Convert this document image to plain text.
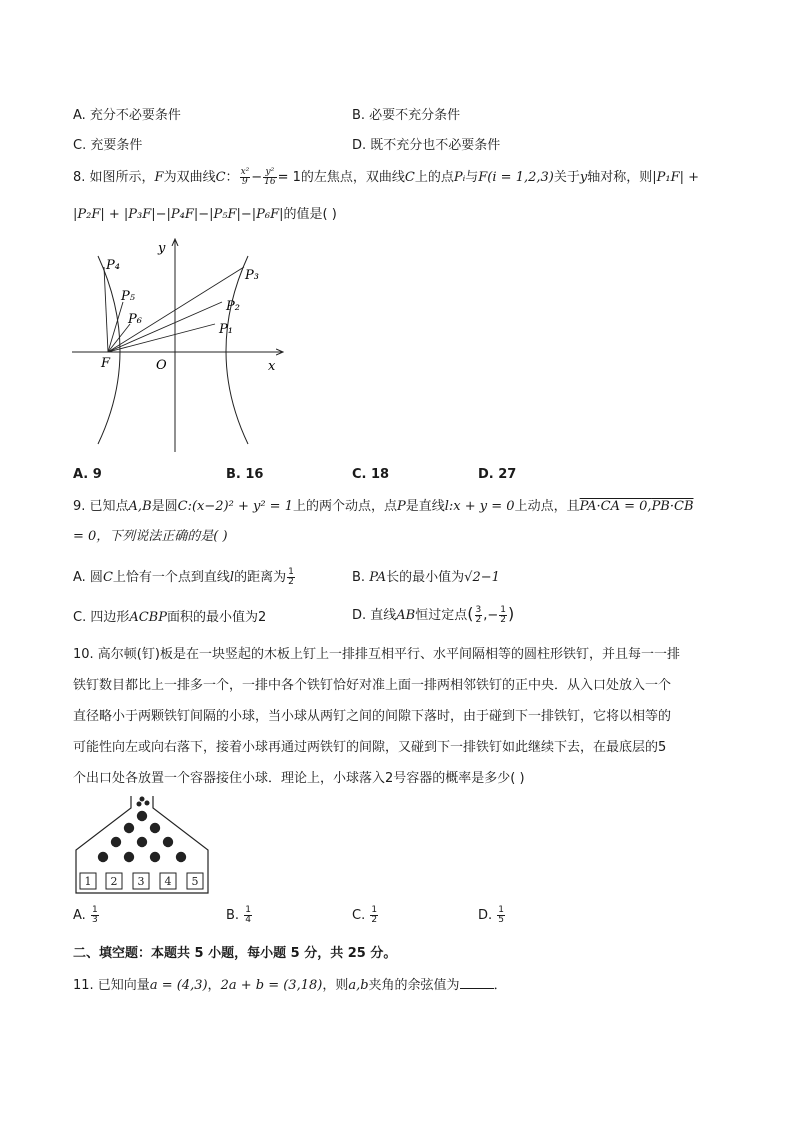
A. 充分不必要条件	B. 必要不充分条件
C. 充要条件	D. 既不充分也不必要条件
8. 如图所示，F为双曲线C： $\frac{\text{x²}}{9} - \frac{\text{y²}}{16} = 1$的左焦点，双曲线C上的点Pᵢ与F(i = 1,2,3)关于y轴对称，则|P₁F| +
|P₂F| + |P₃F|−|P₄F|−|P₅F|−|P₆F|的值是( )
y
x
O
F
P₁
P₂
P₃
P₄
P₅
P₆
A. 9	B. 16	C. 18	D. 27
9. 已知点A,B是圆C:(x−2)² + y² = 1上的两个动点，点P是直线l:x + y = 0上动点，且PA·CA = 0,PB·CB
= 0，下列说法正确的是( )
A. 圆C上恰有一个点到直线l的距离为 $\frac{1}{2}$	B. PA长的最小值为√2−1
C. 四边形ACBP面积的最小值为2	D. 直线AB恒过定点( $\frac{3}{2}$ ,− $\frac{1}{2}$ )
10. 高尔顿(钉)板是在一块竖起的木板上钉上一排排互相平行、水平间隔相等的圆柱形铁钉，并且每一一排
铁钉数目都比上一排多一个，一排中各个铁钉恰好对准上面一排两相邻铁钉的正中央．从入口处放入一个
直径略小于两颗铁钉间隔的小球，当小球从两钉之间的间隙下落时，由于碰到下一排铁钉，它将以相等的
可能性向左或向右落下，接着小球再通过两铁钉的间隙，又碰到下一排铁钉如此继续下去，在最底层的5
个出口处各放置一个容器接住小球．理论上，小球落入2号容器的概率是多少( )
1 2 3 4 5
A. $\frac{1}{3}$	B. $\frac{1}{4}$	C. $\frac{1}{2}$	D. $\frac{1}{5}$
二、填空题：本题共 5 小题，每小题 5 分，共 25 分。
11. 已知向量a = (4,3)，2a + b = (3,18)，则a,b夹角的余弦值为	．
